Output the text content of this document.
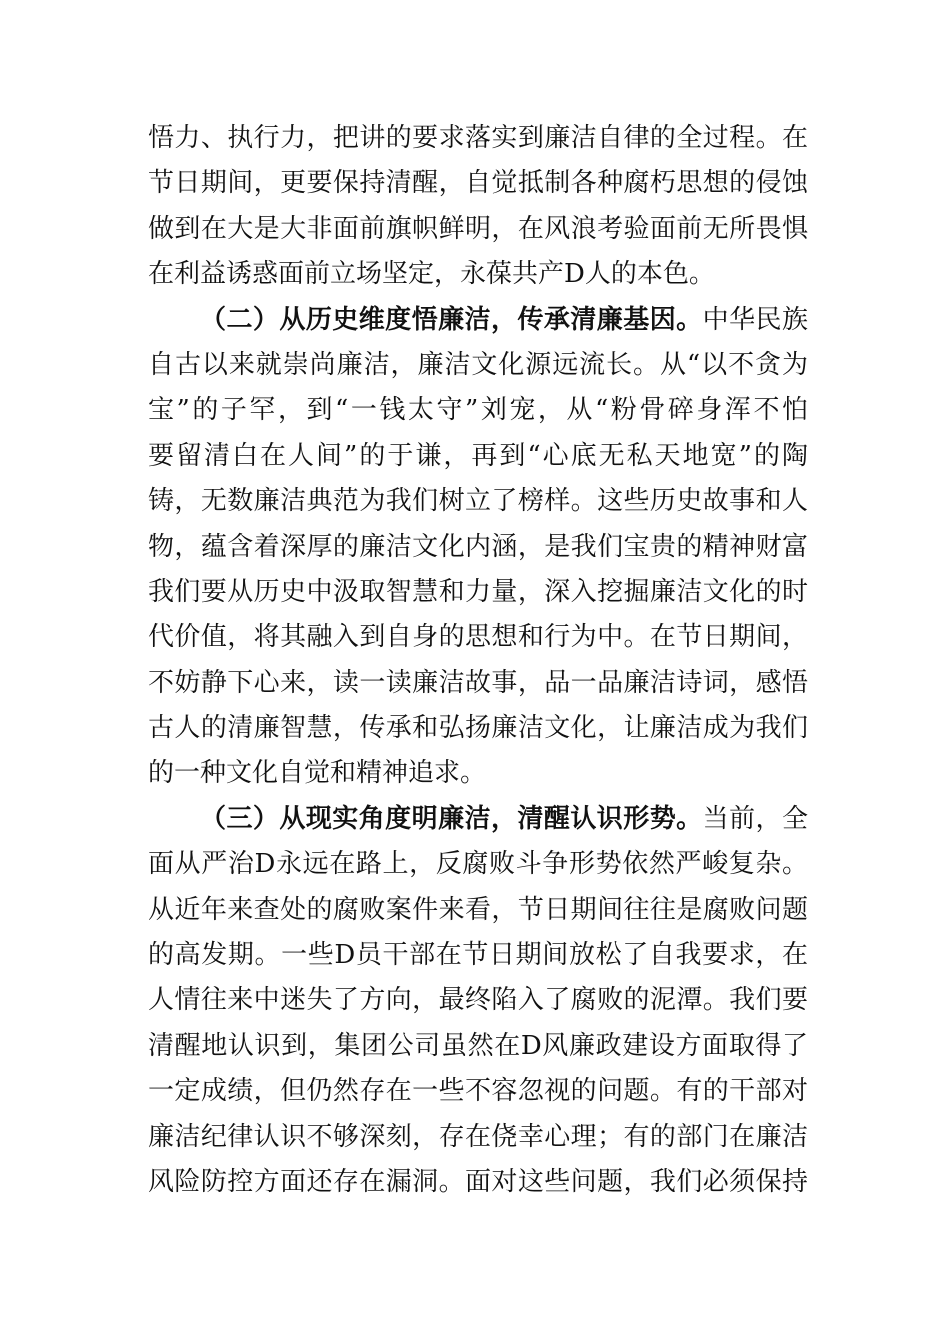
悟力、执行力，把讲的要求落实到廉洁自律的全过程。在
节日期间，更要保持清醒，自觉抵制各种腐朽思想的侵蚀
做到在大是大非面前旗帜鲜明，在风浪考验面前无所畏惧
在利益诱惑面前立场坚定，永葆共产D人的本色。
（二）从历史维度悟廉洁，传承清廉基因。中华民族
自古以来就崇尚廉洁，廉洁文化源远流长。从“以不贪为
宝”的子罕，到“一钱太守”刘宠，从“粉骨碎身浑不怕
要留清白在人间”的于谦，再到“心底无私天地宽”的陶
铸，无数廉洁典范为我们树立了榜样。这些历史故事和人
物，蕴含着深厚的廉洁文化内涵，是我们宝贵的精神财富
我们要从历史中汲取智慧和力量，深入挖掘廉洁文化的时
代价值，将其融入到自身的思想和行为中。在节日期间，
不妨静下心来，读一读廉洁故事，品一品廉洁诗词，感悟
古人的清廉智慧，传承和弘扬廉洁文化，让廉洁成为我们
的一种文化自觉和精神追求。
（三）从现实角度明廉洁，清醒认识形势。当前，全
面从严治D永远在路上，反腐败斗争形势依然严峻复杂。
从近年来查处的腐败案件来看，节日期间往往是腐败问题
的高发期。一些D员干部在节日期间放松了自我要求，在
人情往来中迷失了方向，最终陷入了腐败的泥潭。我们要
清醒地认识到，集团公司虽然在D风廉政建设方面取得了
一定成绩，但仍然存在一些不容忽视的问题。有的干部对
廉洁纪律认识不够深刻，存在侥幸心理；有的部门在廉洁
风险防控方面还存在漏洞。面对这些问题，我们必须保持
